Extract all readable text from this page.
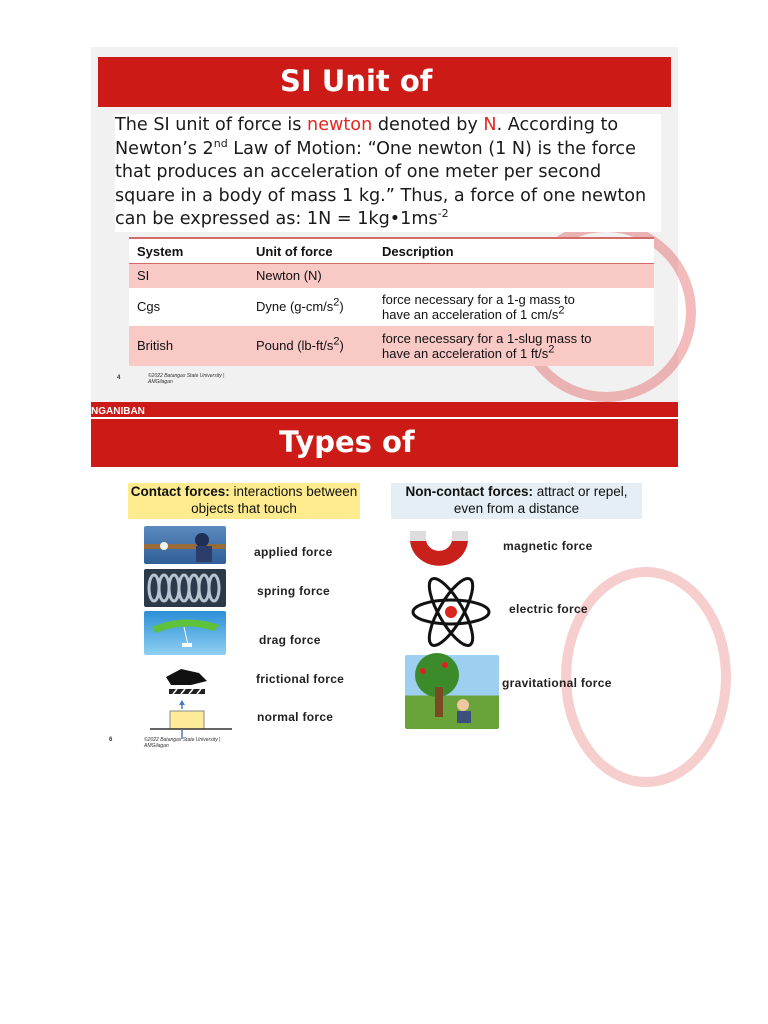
SI Unit of
The SI unit of force is newton denoted by N. According to Newton’s 2nd Law of Motion: “One newton (1 N) is the force that produces an acceleration of one meter per second square in a body of mass 1 kg.” Thus, a force of one newton can be expressed as: $1N = 1kg•1ms^{-2}$
System	Unit of force	Description
SI	Newton (N)	
Cgs	Dyne $(g-cm/s^2)$	force necessary for a 1-g mass to
have an acceleration of 1 $cm/s^2$
British	Pound $(lb-ft/s^2)$	force necessary for a 1-slug mass to
have an acceleration of 1 $ft/s^2$
4	©2022 Batangas State University |
AMGilagan
NGANIBAN
Types of
Contact forces: interactions between objects that touch
Non-contact forces: attract or repel, even from a distance
applied force
spring force
drag force
frictional force
normal force
magnetic force
electric force
gravitational force
6	©2022 Batangas State University |
AMGilagan
